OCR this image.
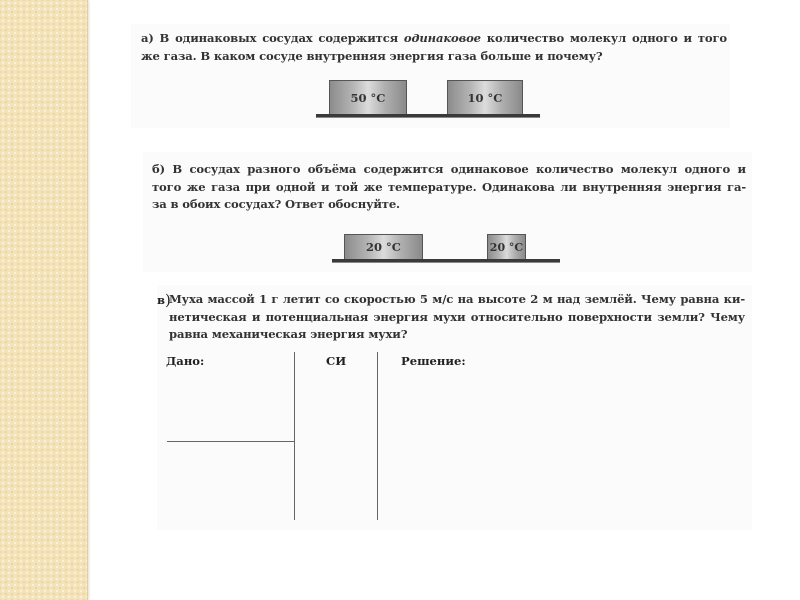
а) В одинаковых сосудах содержится одинаковое количество молекул одного и того
же газа. В каком сосуде внутренняя энергия газа больше и почему?
50 °C	10 °C
б) В сосудах разного объёма содержится одинаковое количество молекул одного и
того же газа при одной и той же температуре. Одинакова ли внутренняя энергия га-
за в обоих сосудах? Ответ обоснуйте.
20 °C	20 °C
в)
Муха массой 1 г летит со скоростью 5 м/с на высоте 2 м над землёй. Чему равна ки-
нетическая и потенциальная энергия мухи относительно поверхности земли? Чему
равна механическая энергия мухи?
Дано:	СИ	Решение:
